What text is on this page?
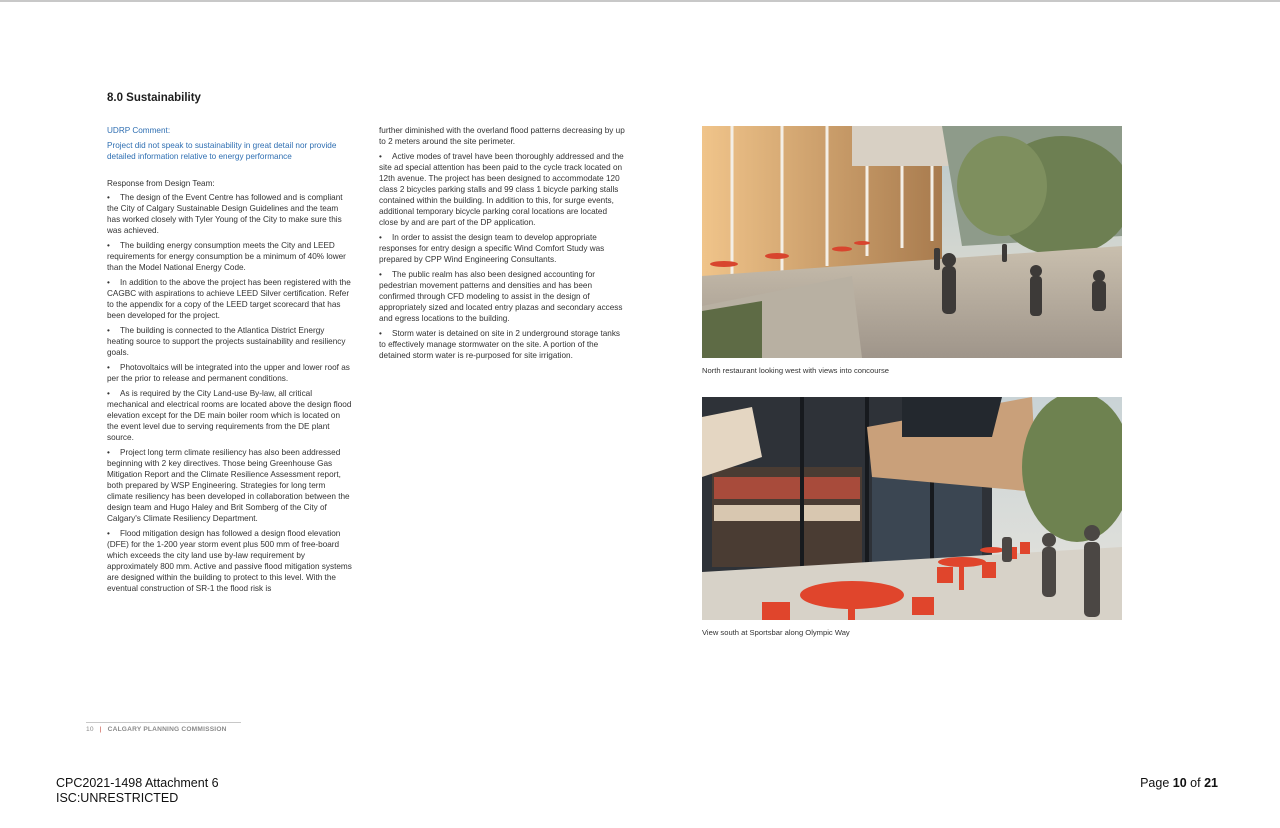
8.0 Sustainability
UDRP Comment:
Project did not speak to sustainability in great detail nor provide detailed information relative to energy performance
Response from Design Team:
• The design of the Event Centre has followed and is compliant the City of Calgary Sustainable Design Guidelines and the team has worked closely with Tyler Young of the City to make sure this was achieved.
• The building energy consumption meets the City and LEED requirements for energy consumption be a minimum of 40% lower than the Model National Energy Code.
• In addition to the above the project has been registered with the CAGBC with aspirations to achieve LEED Silver certification. Refer to the appendix for a copy of the LEED target scorecard that has been developed for the project.
• The building is connected to the Atlantica District Energy heating source to support the projects sustainability and resiliency goals.
• Photovoltaics will be integrated into the upper and lower roof as per the prior to release and permanent conditions.
• As is required by the City Land-use By-law, all critical mechanical and electrical rooms are located above the design flood elevation except for the DE main boiler room which is located on the event level due to serving requirements from the DE plant source.
• Project long term climate resiliency has also been addressed beginning with 2 key directives. Those being Greenhouse Gas Mitigation Report and the Climate Resilience Assessment report, both prepared by WSP Engineering. Strategies for long term climate resiliency has been developed in collaboration between the design team and Hugo Haley and Brit Somberg of the City of Calgary's Climate Resiliency Department.
• Flood mitigation design has followed a design flood elevation (DFE) for the 1-200 year storm event plus 500 mm of free-board which exceeds the city land use by-law requirement by approximately 800 mm. Active and passive flood mitigation systems are designed within the building to protect to this level. With the eventual construction of SR-1 the flood risk is
further diminished with the overland flood patterns decreasing by up to 2 meters around the site perimeter.
• Active modes of travel have been thoroughly addressed and the site ad special attention has been paid to the cycle track located on 12th avenue. The project has been designed to accommodate 120 class 2 bicycles parking stalls and 99 class 1 bicycle parking stalls contained within the building. In addition to this, for surge events, additional temporary bicycle parking coral locations are located close by and are part of the DP application.
• In order to assist the design team to develop appropriate responses for entry design a specific Wind Comfort Study was prepared by CPP Wind Engineering Consultants.
• The public realm has also been designed accounting for pedestrian movement patterns and densities and has been confirmed through CFD modeling to assist in the design of appropriately sized and located entry plazas and secondary access and egress locations to the building.
• Storm water is detained on site in 2 underground storage tanks to effectively manage stormwater on the site. A portion of the detained storm water is re-purposed for site irrigation.
North restaurant looking west with views into concourse
View south at Sportsbar along Olympic Way
10 | CALGARY PLANNING COMMISSION
CPC2021-1498 Attachment 6
ISC:UNRESTRICTED
Page 10 of 21
